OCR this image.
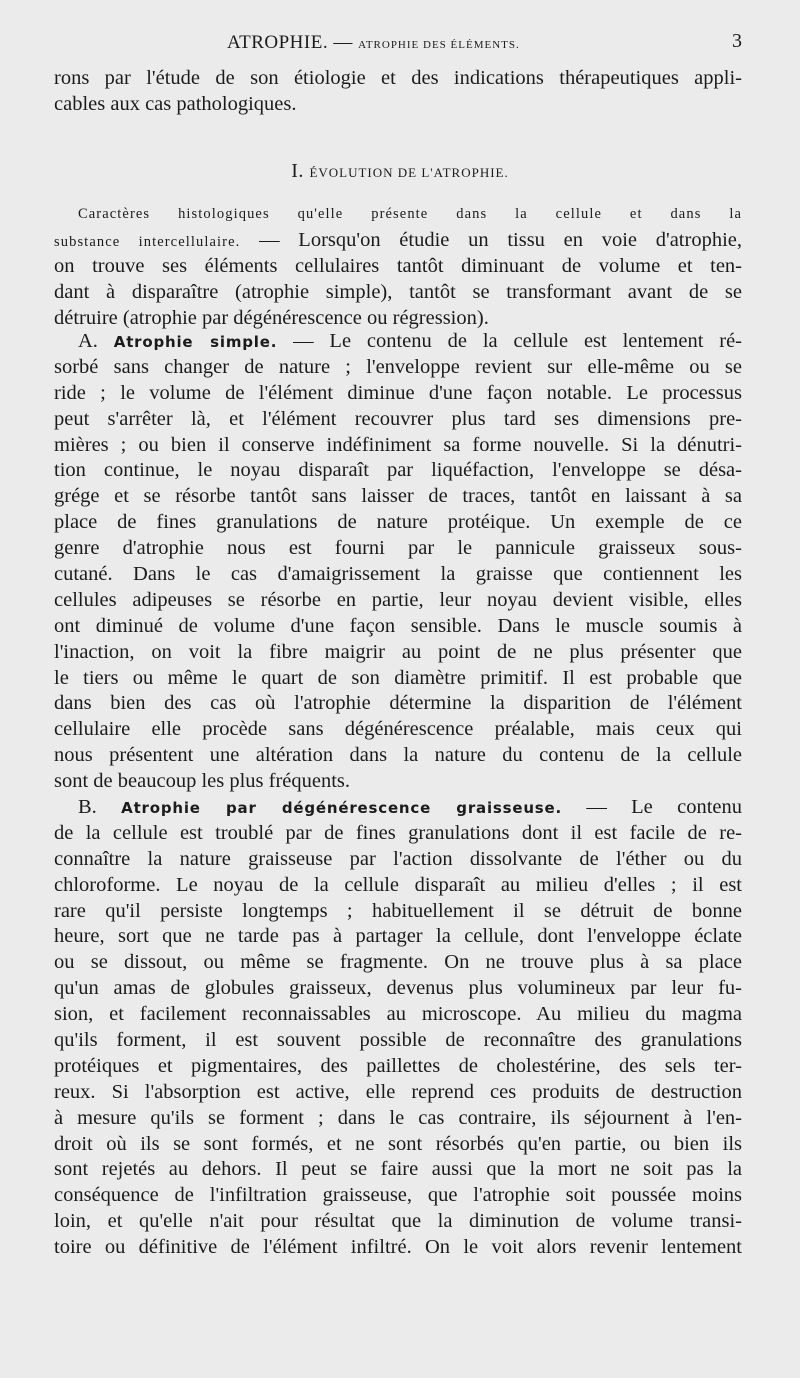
ATROPHIE. — ATROPHIE DES ÉLÉMENTS.	3
rons par l'étude de son étiologie et des indications thérapeutiques appli-
cables aux cas pathologiques.
I. ÉVOLUTION DE L'ATROPHIE.
Caractères histologiques qu'elle présente dans la cellule et dans la
substance intercellulaire. — Lorsqu'on étudie un tissu en voie d'atrophie,
on trouve ses éléments cellulaires tantôt diminuant de volume et ten-
dant à disparaître (atrophie simple), tantôt se transformant avant de se
détruire (atrophie par dégénérescence ou régression).
A. Atrophie simple. — Le contenu de la cellule est lentement ré-
sorbé sans changer de nature ; l'enveloppe revient sur elle-même ou se
ride ; le volume de l'élément diminue d'une façon notable. Le processus
peut s'arrêter là, et l'élément recouvrer plus tard ses dimensions pre-
mières ; ou bien il conserve indéfiniment sa forme nouvelle. Si la dénutri-
tion continue, le noyau disparaît par liquéfaction, l'enveloppe se désa-
grége et se résorbe tantôt sans laisser de traces, tantôt en laissant à sa
place de fines granulations de nature protéique. Un exemple de ce
genre d'atrophie nous est fourni par le pannicule graisseux sous-
cutané. Dans le cas d'amaigrissement la graisse que contiennent les
cellules adipeuses se résorbe en partie, leur noyau devient visible, elles
ont diminué de volume d'une façon sensible. Dans le muscle soumis à
l'inaction, on voit la fibre maigrir au point de ne plus présenter que
le tiers ou même le quart de son diamètre primitif. Il est probable que
dans bien des cas où l'atrophie détermine la disparition de l'élément
cellulaire elle procède sans dégénérescence préalable, mais ceux qui
nous présentent une altération dans la nature du contenu de la cellule
sont de beaucoup les plus fréquents.
B. Atrophie par dégénérescence graisseuse. — Le contenu
de la cellule est troublé par de fines granulations dont il est facile de re-
connaître la nature graisseuse par l'action dissolvante de l'éther ou du
chloroforme. Le noyau de la cellule disparaît au milieu d'elles ; il est
rare qu'il persiste longtemps ; habituellement il se détruit de bonne
heure, sort que ne tarde pas à partager la cellule, dont l'enveloppe éclate
ou se dissout, ou même se fragmente. On ne trouve plus à sa place
qu'un amas de globules graisseux, devenus plus volumineux par leur fu-
sion, et facilement reconnaissables au microscope. Au milieu du magma
qu'ils forment, il est souvent possible de reconnaître des granulations
protéiques et pigmentaires, des paillettes de cholestérine, des sels ter-
reux. Si l'absorption est active, elle reprend ces produits de destruction
à mesure qu'ils se forment ; dans le cas contraire, ils séjournent à l'en-
droit où ils se sont formés, et ne sont résorbés qu'en partie, ou bien ils
sont rejetés au dehors. Il peut se faire aussi que la mort ne soit pas la
conséquence de l'infiltration graisseuse, que l'atrophie soit poussée moins
loin, et qu'elle n'ait pour résultat que la diminution de volume transi-
toire ou définitive de l'élément infiltré. On le voit alors revenir lentement
